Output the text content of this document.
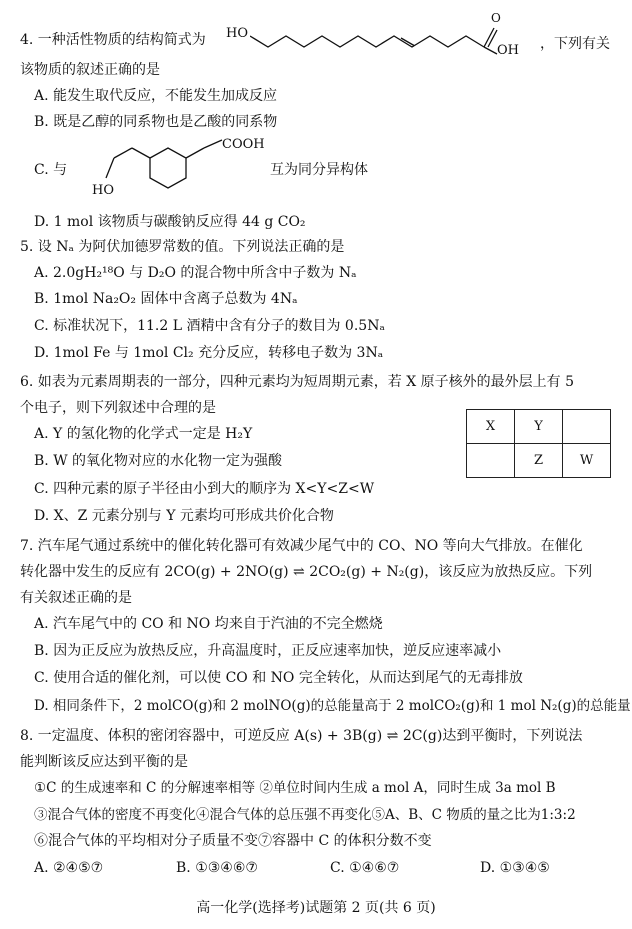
4. 一种活性物质的结构简式为 HO
O
OH ，下列有关
该物质的叙述正确的是
A. 能发生取代反应，不能发生加成反应
B. 既是乙醇的同系物也是乙酸的同系物
C. 与
COOH
HO
互为同分异构体
D. 1 mol 该物质与碳酸钠反应得 44 g CO₂
5. 设 Nₐ 为阿伏加德罗常数的值。下列说法正确的是
A. 2.0gH₂¹⁸O 与 D₂O 的混合物中所含中子数为 Nₐ
B. 1mol Na₂O₂ 固体中含离子总数为 4Nₐ
C. 标准状况下，11.2 L 酒精中含有分子的数目为 0.5Nₐ
D. 1mol Fe 与 1mol Cl₂ 充分反应，转移电子数为 3Nₐ
6. 如表为元素周期表的一部分，四种元素均为短周期元素，若 X 原子核外的最外层上有 5
个电子，则下列叙述中合理的是
A. Y 的氢化物的化学式一定是 H₂Y
B. W 的氧化物对应的水化物一定为强酸
C. 四种元素的原子半径由小到大的顺序为 X<Y<Z<W
D. X、Z 元素分别与 Y 元素均可形成共价化合物
X	Y	
	Z	W
7. 汽车尾气通过系统中的催化转化器可有效减少尾气中的 CO、NO 等向大气排放。在催化
转化器中发生的反应有 2CO(g) + 2NO(g) ⇌ 2CO₂(g) + N₂(g)，该反应为放热反应。下列
有关叙述正确的是
A. 汽车尾气中的 CO 和 NO 均来自于汽油的不完全燃烧
B. 因为正反应为放热反应，升高温度时，正反应速率加快，逆反应速率减小
C. 使用合适的催化剂，可以使 CO 和 NO 完全转化，从而达到尾气的无毒排放
D. 相同条件下，2 molCO(g)和 2 molNO(g)的总能量高于 2 molCO₂(g)和 1 mol N₂(g)的总能量
8. 一定温度、体积的密闭容器中，可逆反应 A(s) + 3B(g) ⇌ 2C(g)达到平衡时，下列说法
能判断该反应达到平衡的是
①C 的生成速率和 C 的分解速率相等 ②单位时间内生成 a mol A，同时生成 3a mol B
③混合气体的密度不再变化④混合气体的总压强不再变化⑤A、B、C 物质的量之比为1:3:2
⑥混合气体的平均相对分子质量不变⑦容器中 C 的体积分数不变
A. ②④⑤⑦	B. ①③④⑥⑦	C. ①④⑥⑦	D. ①③④⑤
高一化学(选择考)试题第 2 页(共 6 页)
